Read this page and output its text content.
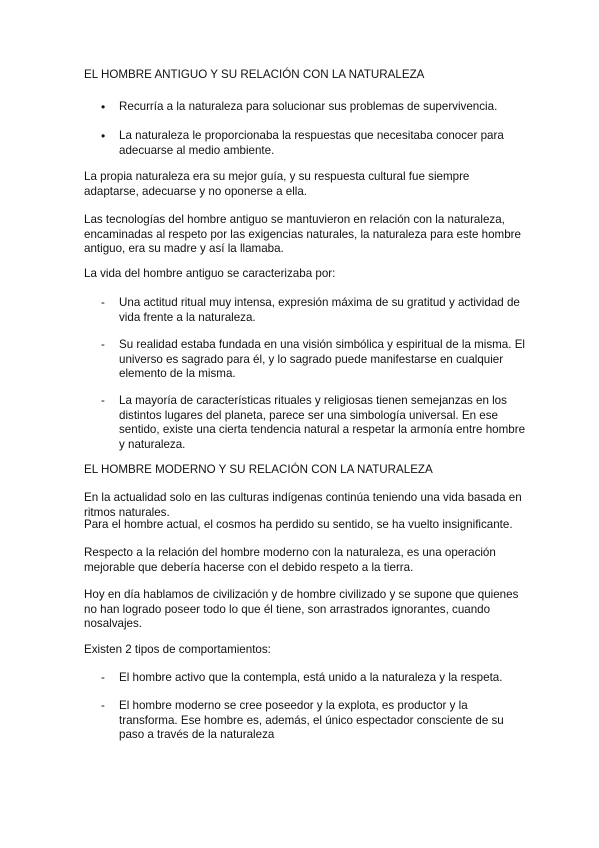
EL HOMBRE ANTIGUO Y SU RELACIÓN CON LA NATURALEZA

• Recurría a la naturaleza para solucionar sus problemas de supervivencia.

• La naturaleza le proporcionaba la respuestas que necesitaba conocer para adecuarse al medio ambiente.

La propia naturaleza era su mejor guía, y su respuesta cultural fue siempre adaptarse, adecuarse y no oponerse a ella.

Las tecnologías del hombre antiguo se mantuvieron en relación con la naturaleza, encaminadas al respeto por las exigencias naturales, la naturaleza para este hombre antiguo, era su madre y así la llamaba.

La vida del hombre antiguo se caracterizaba por:

- Una actitud ritual muy intensa, expresión máxima de su gratitud y actividad de vida frente a la naturaleza.

- Su realidad estaba fundada en una visión simbólica y espiritual de la misma. El universo es sagrado para él, y lo sagrado puede manifestarse en cualquier elemento de la misma.

- La mayoría de características rituales y religiosas tienen semejanzas en los distintos lugares del planeta, parece ser una simbología universal. En ese sentido, existe una cierta tendencia natural a respetar la armonía entre hombre y naturaleza.

EL HOMBRE MODERNO Y SU RELACIÓN CON LA NATURALEZA

En la actualidad solo en las culturas indígenas continúa teniendo una vida basada en ritmos naturales.

Para el hombre actual, el cosmos ha perdido su sentido, se ha vuelto insignificante.

Respecto a la relación del hombre moderno con la naturaleza, es una operación mejorable que debería hacerse con el debido respeto a la tierra.

Hoy en día hablamos de civilización y de hombre civilizado y se supone que quienes no han logrado poseer todo lo que él tiene, son arrastrados ignorantes, cuando nosalvajes.

Existen 2 tipos de comportamientos:

- El hombre activo que la contempla, está unido a la naturaleza y la respeta.

- El hombre moderno se cree poseedor y la explota, es productor y la transforma. Ese hombre es, además, el único espectador consciente de su paso a través de la naturaleza
